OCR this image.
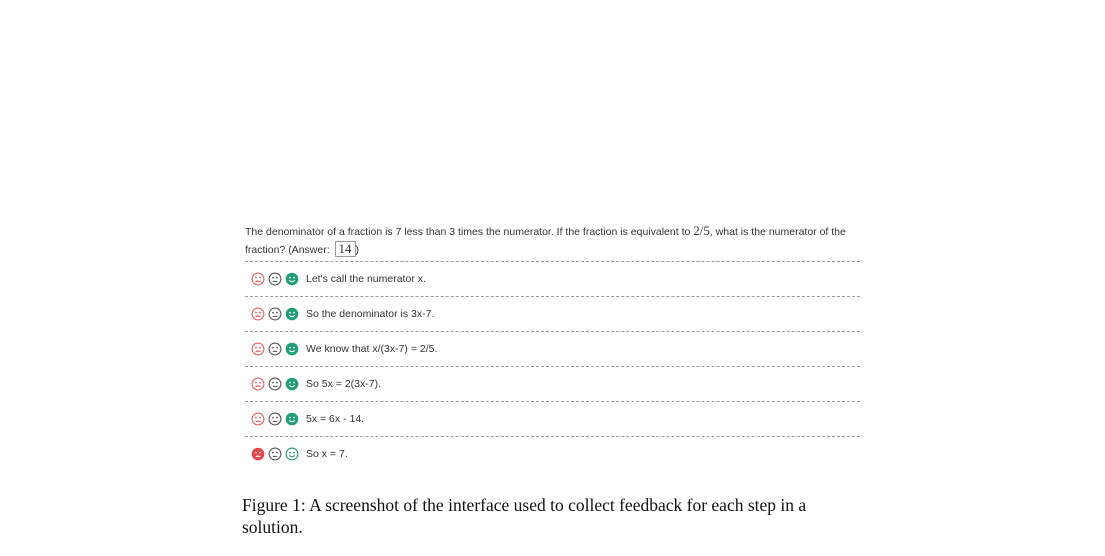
The denominator of a fraction is 7 less than 3 times the numerator. If the fraction is equivalent to 2/5, what is the numerator of the fraction? (Answer: 14 )
Let's call the numerator x.
So the denominator is 3x-7.
We know that x/(3x-7) = 2/5.
So 5x = 2(3x-7).
5x = 6x - 14.
So x = 7.
Figure 1: A screenshot of the interface used to collect feedback for each step in a solution.
